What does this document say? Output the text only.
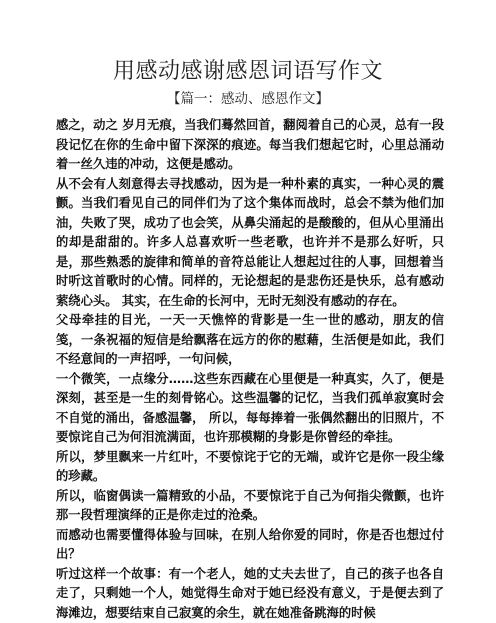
用感动感谢感恩词语写作文
【篇一：感动、感恩作文】

感之，动之 岁月无痕，当我们蓦然回首，翻阅着自己的心灵，总有一段段记忆在你的生命中留下深深的痕迹。每当我们想起它时，心里总涌动着一丝久违的冲动，这便是感动。

从不会有人刻意得去寻找感动，因为是一种朴素的真实，一种心灵的震颤。当我们看见自己的同伴们为了这个集体而战时，总会不禁为他们加油，失败了哭，成功了也会笑，从鼻尖涌起的是酸酸的，但从心里涌出的却是甜甜的。许多人总喜欢听一些老歌，也许并不是那么好听，只是，那些熟悉的旋律和简单的音符总能让人想起过往的人事，回想着当时听这首歌时的心情。同样的，无论想起的是悲伤还是快乐，总有感动萦绕心头。 其实，在生命的长河中，无时无刻没有感动的存在。

父母牵挂的目光，一天一天憔悴的背影是一生一世的感动，朋友的信笺，一条祝福的短信是给飘落在远方的你的慰藉，生活便是如此，我们不经意间的一声招呼，一句问候，

一个微笑，一点缘分……这些东西藏在心里便是一种真实，久了，便是深刻，甚至是一生的刻骨铭心。这些温馨的记忆，当我们孤单寂寞时会不自觉的涌出，备感温馨， 所以，每每捧着一张偶然翻出的旧照片，不要惊诧自己为何泪流满面，也许那模糊的身影是你曾经的牵挂。

所以，梦里飘来一片红叶，不要惊诧于它的无端，或许它是你一段尘缘的珍藏。

所以，临窗偶读一篇精致的小品，不要惊诧于自己为何指尖微颤，也许那一段哲理演绎的正是你走过的沧桑。

而感动也需要懂得体验与回味，在别人给你爱的同时，你是否也想过付出？

听过这样一个故事：有一个老人，她的丈夫去世了，自己的孩子也各自走了，只剩她一个人，她觉得生命对于她已经没有意义，于是便去到了海滩边，想要结束自己寂寞的余生，就在她准备跳海的时候
